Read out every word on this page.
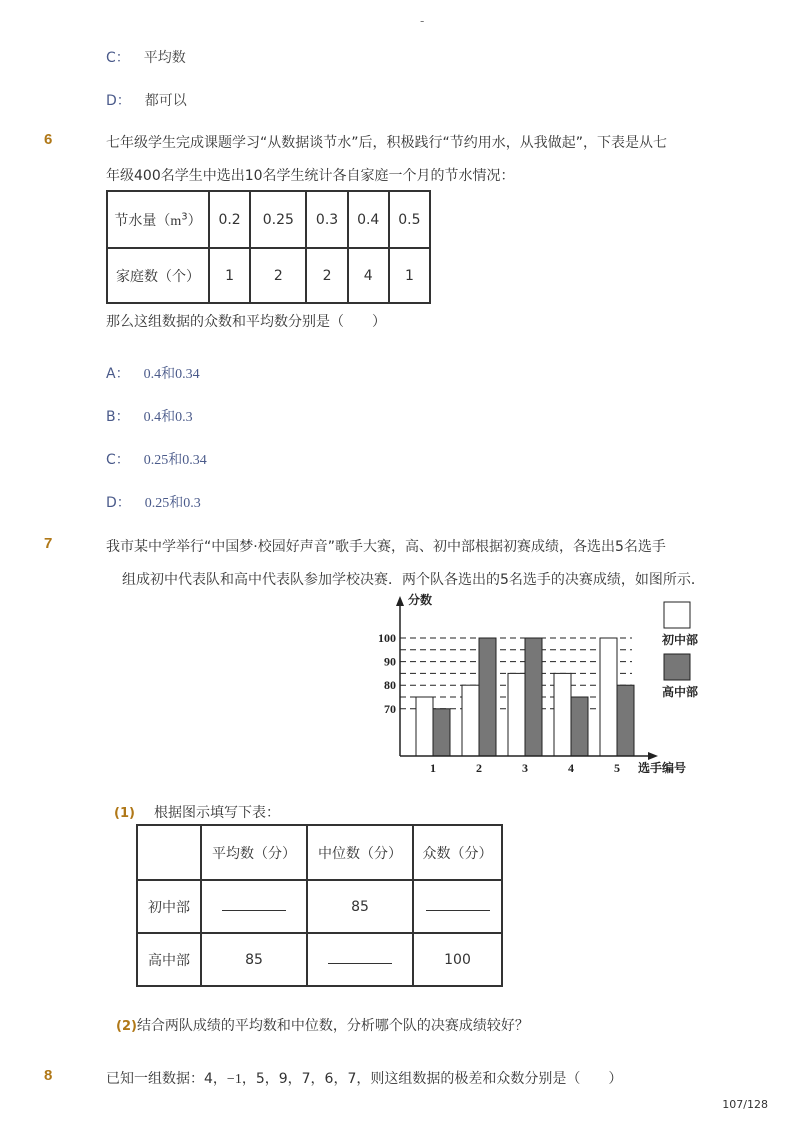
-
C： 平均数
D： 都可以
6	七年级学生完成课题学习“从数据谈节水”后，积极践行“节约用水，从我做起”，下表是从七
年级400名学生中选出10名学生统计各自家庭一个月的节水情况：
节水量$(m^3)$	0.2	0.25	0.3	0.4	0.5
家庭数（个）	1	2	2	4	1
那么这组数据的众数和平均数分别是（　　）
A： 0.4和0.34
B： 0.4和0.3
C： 0.25和0.34
D： 0.25和0.3
7	我市某中学举行“中国梦·校园好声音”歌手大赛，高、初中部根据初赛成绩，各选出5名选手
组成初中代表队和高中代表队参加学校决赛．两个队各选出的5名选手的决赛成绩，如图所示．
分数
选手编号
70
80
90
100
1	2	3	4	5
初中部
高中部
(1) 根据图示填写下表：
	平均数（分）	中位数（分）	众数（分）
初中部		85	
高中部	85		100
(2)结合两队成绩的平均数和中位数，分析哪个队的决赛成绩较好？
8	已知一组数据：4，−1，5，9，7，6，7，则这组数据的极差和众数分别是（　　）
107/128
